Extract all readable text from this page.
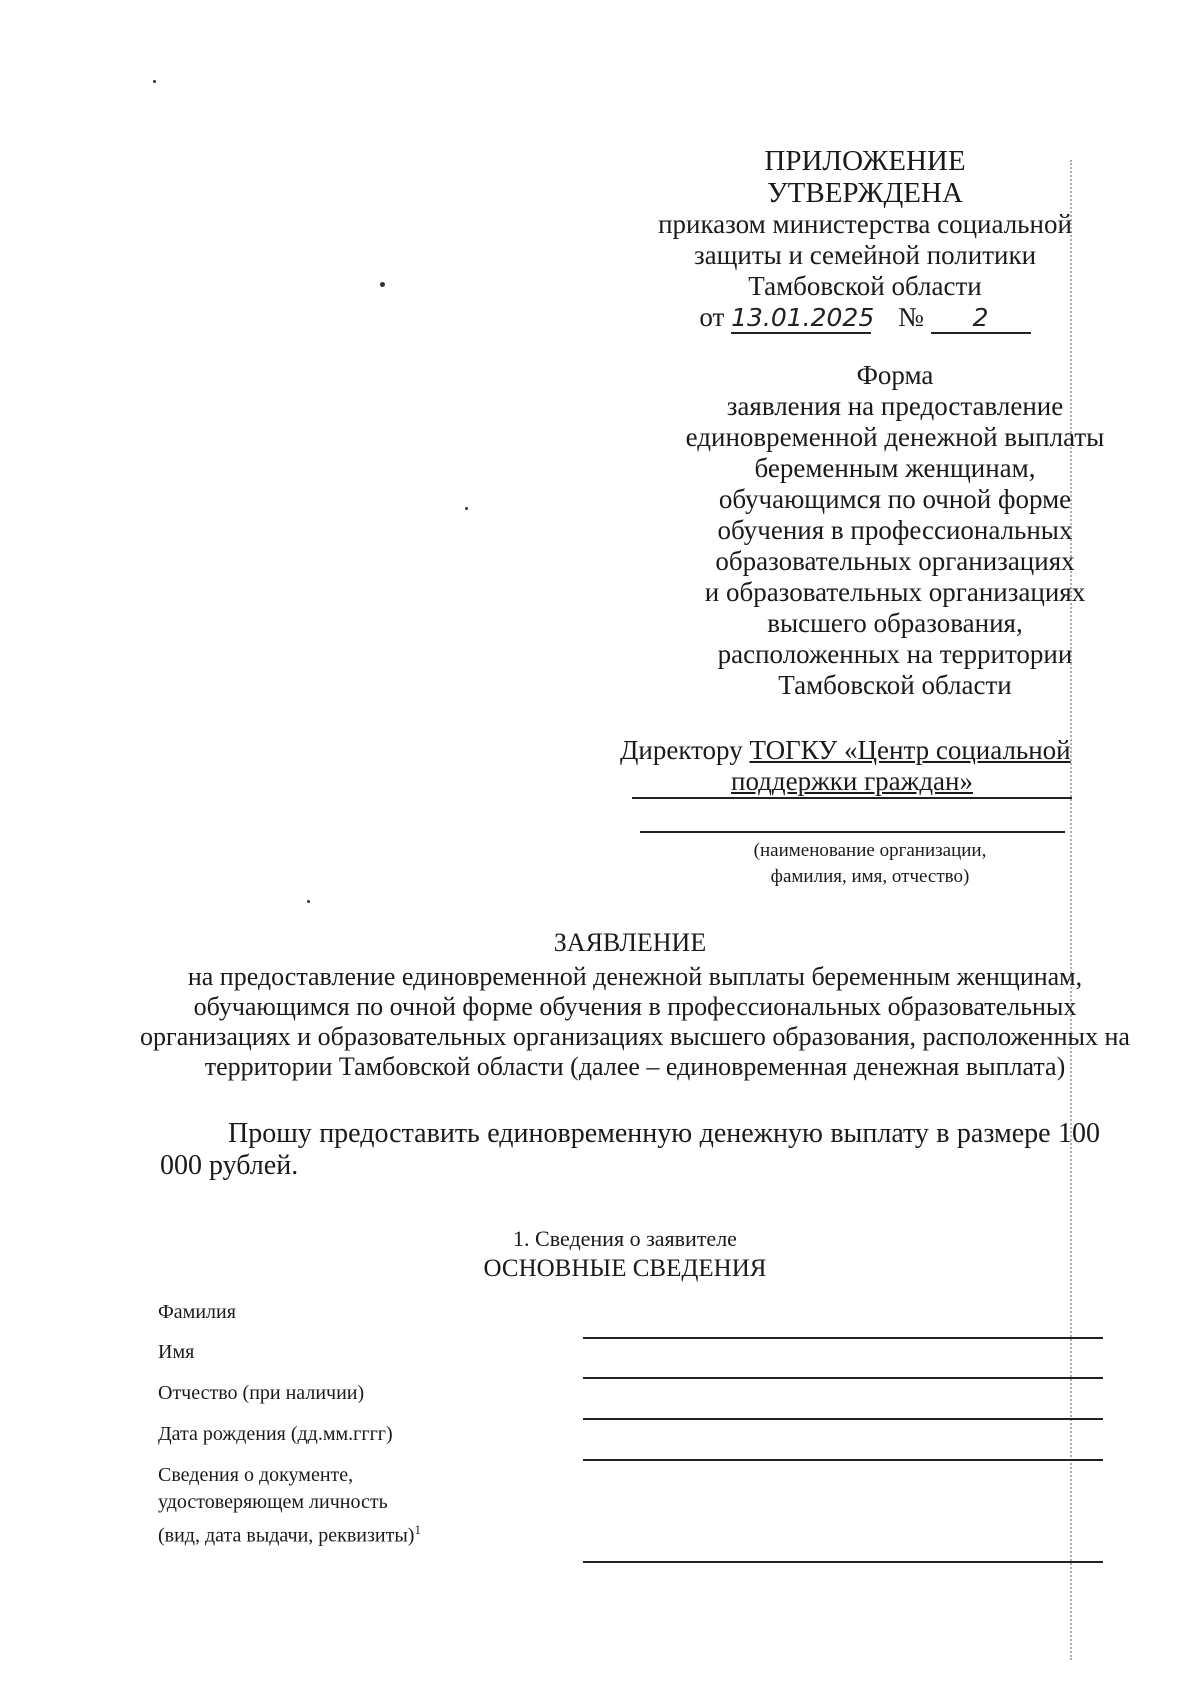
ПРИЛОЖЕНИЕ
УТВЕРЖДЕНА
приказом министерства социальной
защиты и семейной политики
Тамбовской области
от 13.01.2025 № 2
Форма
заявления на предоставление
единовременной денежной выплаты
беременным женщинам,
обучающимся по очной форме
обучения в профессиональных
образовательных организациях
и образовательных организациях
высшего образования,
расположенных на территории
Тамбовской области
Директору ТОГКУ «Центр социальной
поддержки граждан»
(наименование организации,
фамилия, имя, отчество)
ЗАЯВЛЕНИЕ
на предоставление единовременной денежной выплаты беременным женщинам, обучающимся по очной форме обучения в профессиональных образовательных организациях и образовательных организациях высшего образования, расположенных на территории Тамбовской области (далее – единовременная денежная выплата)
Прошу предоставить единовременную денежную выплату в размере 100 000 рублей.
1. Сведения о заявителе
ОСНОВНЫЕ СВЕДЕНИЯ
Фамилия
Имя
Отчество (при наличии)
Дата рождения (дд.мм.гггг)
Сведения о документе,
удостоверяющем личность
(вид, дата выдачи, реквизиты)$^1$
